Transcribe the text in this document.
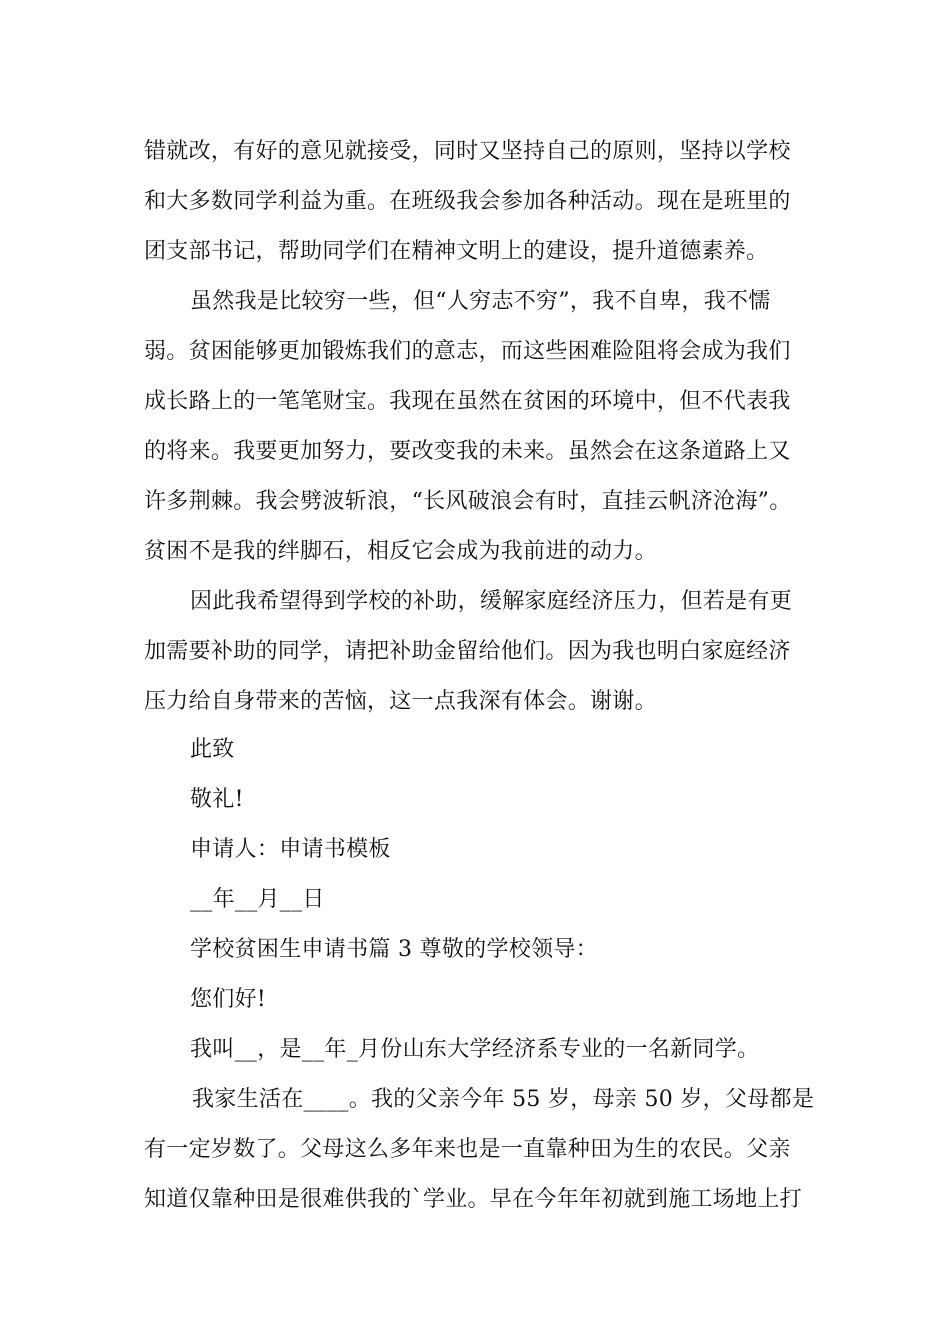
错就改，有好的意见就接受，同时又坚持自己的原则，坚持以学校
和大多数同学利益为重。在班级我会参加各种活动。现在是班里的
团支部书记，帮助同学们在精神文明上的建设，提升道德素养。
虽然我是比较穷一些，但“人穷志不穷”，我不自卑，我不懦
弱。贫困能够更加锻炼我们的意志，而这些困难险阻将会成为我们
成长路上的一笔笔财宝。我现在虽然在贫困的环境中，但不代表我
的将来。我要更加努力，要改变我的未来。虽然会在这条道路上又
许多荆棘。我会劈波斩浪，“长风破浪会有时，直挂云帆济沧海”。
贫困不是我的绊脚石，相反它会成为我前进的动力。
因此我希望得到学校的补助，缓解家庭经济压力，但若是有更
加需要补助的同学，请把补助金留给他们。因为我也明白家庭经济
压力给自身带来的苦恼，这一点我深有体会。谢谢。
此致
敬礼!
申请人：申请书模板
__年__月__日
学校贫困生申请书篇 3 尊敬的学校领导：
您们好!
我叫__，是__年_月份山东大学经济系专业的一名新同学。
我家生活在____。我的父亲今年 55 岁，母亲 50 岁，父母都是
有一定岁数了。父母这么多年来也是一直靠种田为生的农民。父亲
知道仅靠种田是很难供我的`学业。早在今年年初就到施工场地上打
